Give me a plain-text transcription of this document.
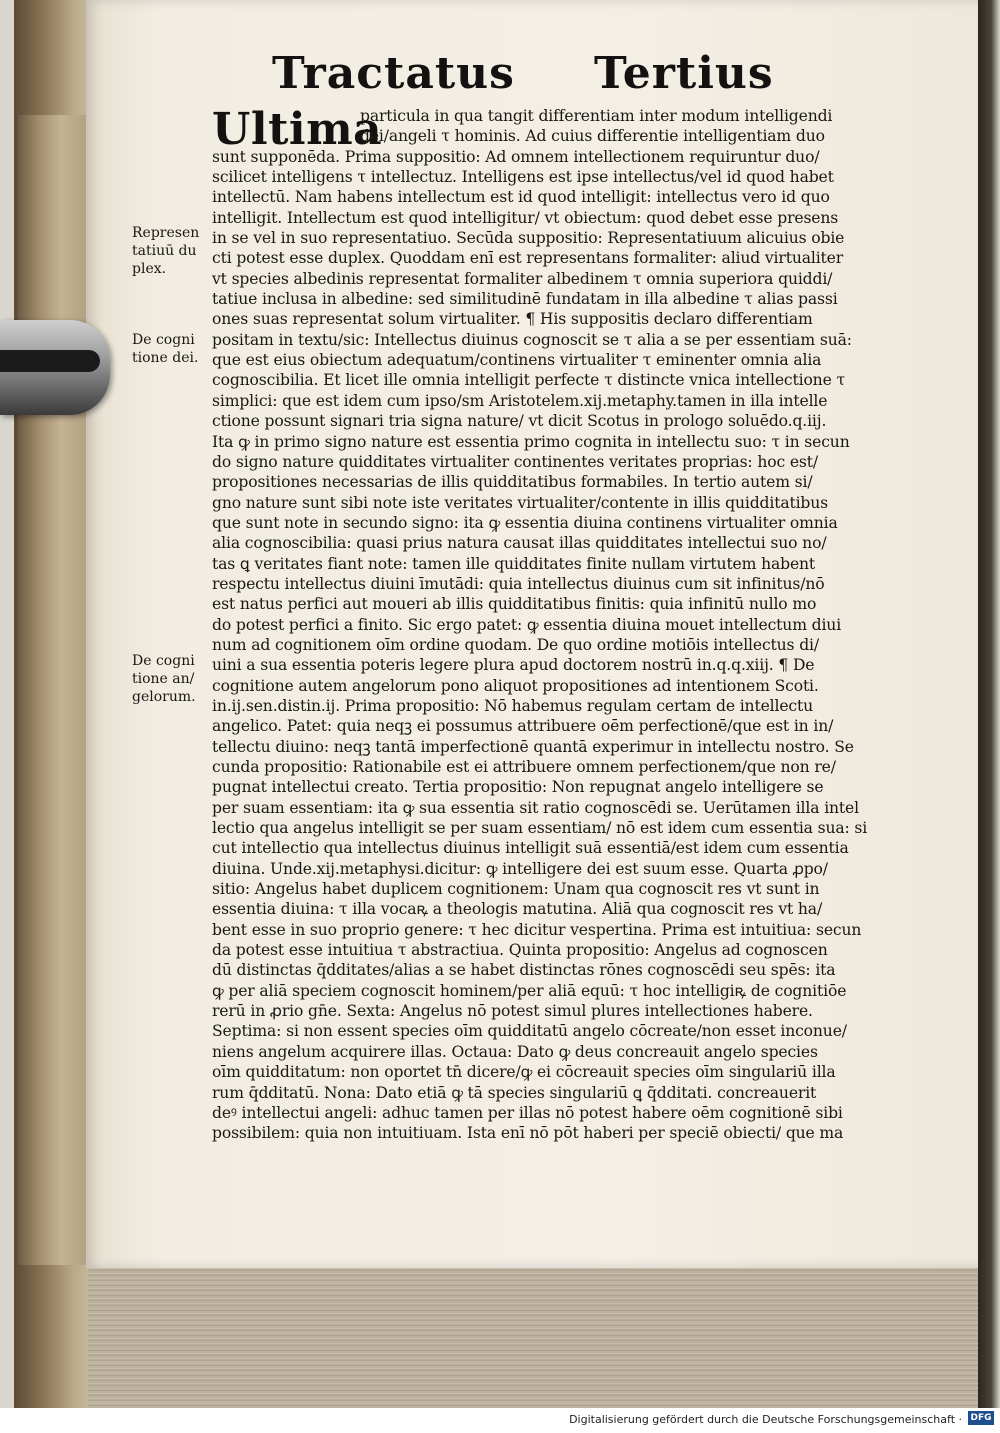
Tractatus Tertius
Ultima
particula in qua tangit differentiam inter modum intelligendi
dei/angeli τ hominis. Ad cuius differentie intelligentiam duo
sunt supponēda. Prima suppositio: Ad omnem intellectionem requiruntur duo/
scilicet intelligens τ intellectuz. Intelligens est ipse intellectus/vel id quod habet
intellectū. Nam habens intellectum est id quod intelligit: intellectus vero id quo
intelligit. Intellectum est quod intelligitur/ vt obiectum: quod debet esse presens
in se vel in suo representatiuo. Secūda suppositio: Representatiuum alicuius obie
cti potest esse duplex. Quoddam enī est representans formaliter: aliud virtualiter
vt species albedinis representat formaliter albedinem τ omnia superiora quiddi/
tatiue inclusa in albedine: sed similitudinē fundatam in illa albedine τ alias passi
ones suas representat solum virtualiter. ¶ His suppositis declaro differentiam
positam in textu/sic: Intellectus diuinus cognoscit se τ alia a se per essentiam suā:
que est eius obiectum adequatum/continens virtualiter τ eminenter omnia alia
cognoscibilia. Et licet ille omnia intelligit perfecte τ distincte vnica intellectione τ
simplici: que est idem cum ipso/sm Aristotelem.xij.metaphy.tamen in illa intelle
ctione possunt signari tria signa nature/ vt dicit Scotus in prologo soluēdo.q.iij.
Ita ꝙ in primo signo nature est essentia primo cognita in intellectu suo: τ in secun
do signo nature quidditates virtualiter continentes veritates proprias: hoc est/
propositiones necessarias de illis quidditatibus formabiles. In tertio autem si/
gno nature sunt sibi note iste veritates virtualiter/contente in illis quidditatibus
que sunt note in secundo signo: ita ꝙ essentia diuina continens virtualiter omnia
alia cognoscibilia: quasi prius natura causat illas quidditates intellectui suo no/
tas ꝗ veritates fiant note: tamen ille quidditates finite nullam virtutem habent
respectu intellectus diuini īmutādi: quia intellectus diuinus cum sit infinitus/nō
est natus perfici aut moueri ab illis quidditatibus finitis: quia infinitū nullo mo
do potest perfici a finito. Sic ergo patet: ꝙ essentia diuina mouet intellectum diui
num ad cognitionem oīm ordine quodam. De quo ordine motiōis intellectus di/
uini a sua essentia poteris legere plura apud doctorem nostrū in.q.q.xiij. ¶ De
cognitione autem angelorum pono aliquot propositiones ad intentionem Scoti.
in.ij.sen.distin.ij. Prima propositio: Nō habemus regulam certam de intellectu
angelico. Patet: quia neqꝫ ei possumus attribuere oēm perfectionē/que est in in/
tellectu diuino: neqꝫ tantā imperfectionē quantā experimur in intellectu nostro. Se
cunda propositio: Rationabile est ei attribuere omnem perfectionem/que non re/
pugnat intellectui creato. Tertia propositio: Non repugnat angelo intelligere se
per suam essentiam: ita ꝙ sua essentia sit ratio cognoscēdi se. Uerūtamen illa intel
lectio qua angelus intelligit se per suam essentiam/ nō est idem cum essentia sua: si
cut intellectio qua intellectus diuinus intelligit suā essentiā/est idem cum essentia
diuina. Unde.xij.metaphysi.dicitur: ꝙ intelligere dei est suum esse. Quarta ꝓpo/
sitio: Angelus habet duplicem cognitionem: Unam qua cognoscit res vt sunt in
essentia diuina: τ illa vocaꝶ a theologis matutina. Aliā qua cognoscit res vt ha/
bent esse in suo proprio genere: τ hec dicitur vespertina. Prima est intuitiua: secun
da potest esse intuitiua τ abstractiua. Quinta propositio: Angelus ad cognoscen
dū distinctas q̄dditates/alias a se habet distinctas rōnes cognoscēdi seu spēs: ita
ꝙ per aliā speciem cognoscit hominem/per aliā equū: τ hoc intelligiꝶ de cognitiōe
rerū in ꝓrio gn̄e. Sexta: Angelus nō potest simul plures intellectiones habere.
Septima: si non essent species oīm quidditatū angelo cōcreate/non esset inconue/
niens angelum acquirere illas. Octaua: Dato ꝙ deus concreauit angelo species
oīm quidditatum: non oportet tn̄ dicere/ꝙ ei cōcreauit species oīm singulariū illa
rum q̄dditatū. Nona: Dato etiā ꝙ tā species singulariū ꝗ q̄dditati. concreauerit
deꝰ intellectui angeli: adhuc tamen per illas nō potest habere oēm cognitionē sibi
possibilem: quia non intuitiuam. Ista enī nō pōt haberi per speciē obiecti/ que ma
Represen
tatiuū du
plex.
De cogni
tione dei.
De cogni
tione an/
gelorum.
Digitalisierung gefördert durch die Deutsche Forschungsgemeinschaft · DFG
